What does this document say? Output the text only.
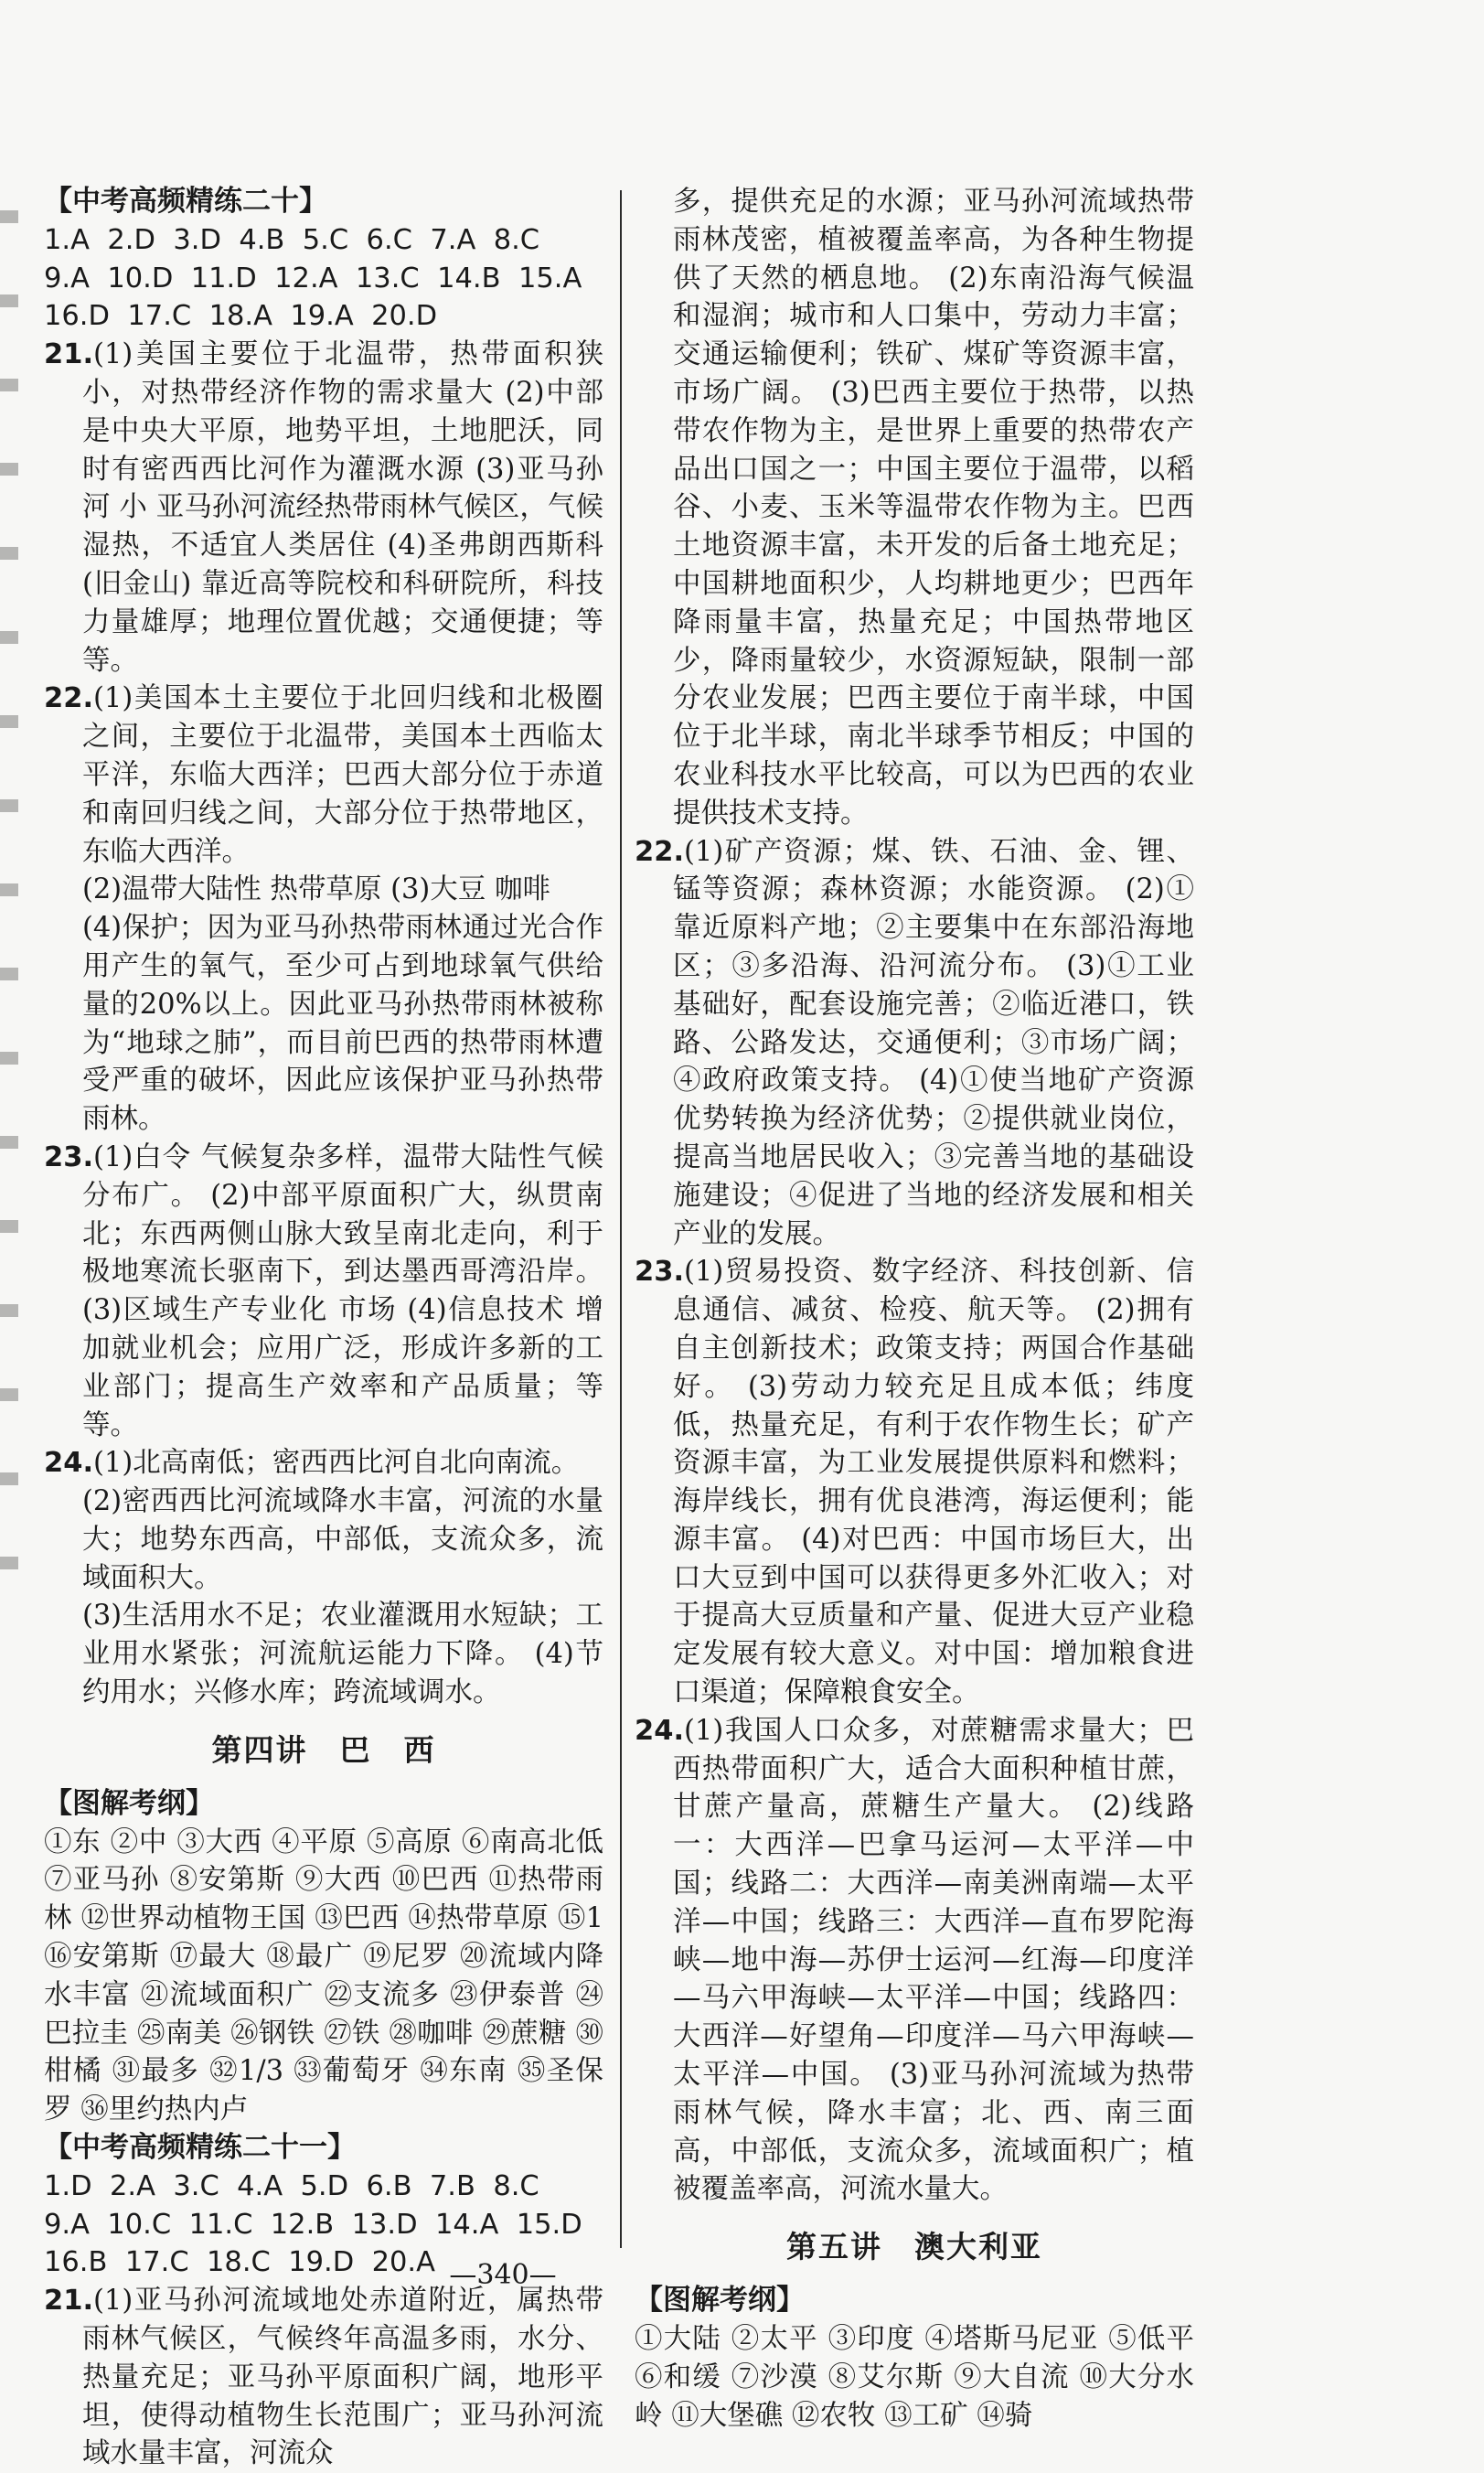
【中考高频精练二十】
1.A 2.D 3.D 4.B 5.C 6.C 7.A 8.C
9.A 10.D 11.D 12.A 13.C 14.B 15.A
16.D 17.C 18.A 19.A 20.D
21.(1)美国主要位于北温带，热带面积狭小，对热带经济作物的需求量大 (2)中部是中央大平原，地势平坦，土地肥沃，同时有密西西比河作为灌溉水源 (3)亚马孙河 小 亚马孙河流经热带雨林气候区，气候湿热，不适宜人类居住 (4)圣弗朗西斯科(旧金山) 靠近高等院校和科研院所，科技力量雄厚；地理位置优越；交通便捷；等等。
22.(1)美国本土主要位于北回归线和北极圈之间，主要位于北温带，美国本土西临太平洋，东临大西洋；巴西大部分位于赤道和南回归线之间，大部分位于热带地区，东临大西洋。
(2)温带大陆性 热带草原 (3)大豆 咖啡
(4)保护；因为亚马孙热带雨林通过光合作用产生的氧气，至少可占到地球氧气供给量的20%以上。因此亚马孙热带雨林被称为“地球之肺”，而目前巴西的热带雨林遭受严重的破坏，因此应该保护亚马孙热带雨林。
23.(1)白令 气候复杂多样，温带大陆性气候分布广。 (2)中部平原面积广大，纵贯南北；东西两侧山脉大致呈南北走向，利于极地寒流长驱南下，到达墨西哥湾沿岸。 (3)区域生产专业化 市场 (4)信息技术 增加就业机会；应用广泛，形成许多新的工业部门；提高生产效率和产品质量；等等。
24.(1)北高南低；密西西比河自北向南流。
(2)密西西比河流域降水丰富，河流的水量大；地势东西高，中部低，支流众多，流域面积大。
(3)生活用水不足；农业灌溉用水短缺；工业用水紧张；河流航运能力下降。 (4)节约用水；兴修水库；跨流域调水。
第四讲　巴　西
【图解考纲】
①东 ②中 ③大西 ④平原 ⑤高原 ⑥南高北低 ⑦亚马孙 ⑧安第斯 ⑨大西 ⑩巴西 ⑪热带雨林 ⑫世界动植物王国 ⑬巴西 ⑭热带草原 ⑮1 ⑯安第斯 ⑰最大 ⑱最广 ⑲尼罗 ⑳流域内降水丰富 ㉑流域面积广 ㉒支流多 ㉓伊泰普 ㉔巴拉圭 ㉕南美 ㉖钢铁 ㉗铁 ㉘咖啡 ㉙蔗糖 ㉚柑橘 ㉛最多 ㉜1/3 ㉝葡萄牙 ㉞东南 ㉟圣保罗 ㊱里约热内卢
【中考高频精练二十一】
1.D 2.A 3.C 4.A 5.D 6.B 7.B 8.C
9.A 10.C 11.C 12.B 13.D 14.A 15.D
16.B 17.C 18.C 19.D 20.A
21.(1)亚马孙河流域地处赤道附近，属热带雨林气候区，气候终年高温多雨，水分、热量充足；亚马孙平原面积广阔，地形平坦，使得动植物生长范围广；亚马孙河流域水量丰富，河流众
多，提供充足的水源；亚马孙河流域热带雨林茂密，植被覆盖率高，为各种生物提供了天然的栖息地。 (2)东南沿海气候温和湿润；城市和人口集中，劳动力丰富；交通运输便利；铁矿、煤矿等资源丰富，市场广阔。 (3)巴西主要位于热带，以热带农作物为主，是世界上重要的热带农产品出口国之一；中国主要位于温带，以稻谷、小麦、玉米等温带农作物为主。巴西土地资源丰富，未开发的后备土地充足；中国耕地面积少，人均耕地更少；巴西年降雨量丰富，热量充足；中国热带地区少，降雨量较少，水资源短缺，限制一部分农业发展；巴西主要位于南半球，中国位于北半球，南北半球季节相反；中国的农业科技水平比较高，可以为巴西的农业提供技术支持。
22.(1)矿产资源；煤、铁、石油、金、锂、锰等资源；森林资源；水能资源。 (2)①靠近原料产地；②主要集中在东部沿海地区；③多沿海、沿河流分布。 (3)①工业基础好，配套设施完善；②临近港口，铁路、公路发达，交通便利；③市场广阔；④政府政策支持。 (4)①使当地矿产资源优势转换为经济优势；②提供就业岗位，提高当地居民收入；③完善当地的基础设施建设；④促进了当地的经济发展和相关产业的发展。
23.(1)贸易投资、数字经济、科技创新、信息通信、减贫、检疫、航天等。 (2)拥有自主创新技术；政策支持；两国合作基础好。 (3)劳动力较充足且成本低；纬度低，热量充足，有利于农作物生长；矿产资源丰富，为工业发展提供原料和燃料；海岸线长，拥有优良港湾，海运便利；能源丰富。 (4)对巴西：中国市场巨大，出口大豆到中国可以获得更多外汇收入；对于提高大豆质量和产量、促进大豆产业稳定发展有较大意义。对中国：增加粮食进口渠道；保障粮食安全。
24.(1)我国人口众多，对蔗糖需求量大；巴西热带面积广大，适合大面积种植甘蔗，甘蔗产量高，蔗糖生产量大。 (2)线路一：大西洋—巴拿马运河—太平洋—中国；线路二：大西洋—南美洲南端—太平洋—中国；线路三：大西洋—直布罗陀海峡—地中海—苏伊士运河—红海—印度洋—马六甲海峡—太平洋—中国；线路四：大西洋—好望角—印度洋—马六甲海峡—太平洋—中国。 (3)亚马孙河流域为热带雨林气候，降水丰富；北、西、南三面高，中部低，支流众多，流域面积广；植被覆盖率高，河流水量大。
第五讲　澳大利亚
【图解考纲】
①大陆 ②太平 ③印度 ④塔斯马尼亚 ⑤低平 ⑥和缓 ⑦沙漠 ⑧艾尔斯 ⑨大自流 ⑩大分水岭 ⑪大堡礁 ⑫农牧 ⑬工矿 ⑭骑
—340—
